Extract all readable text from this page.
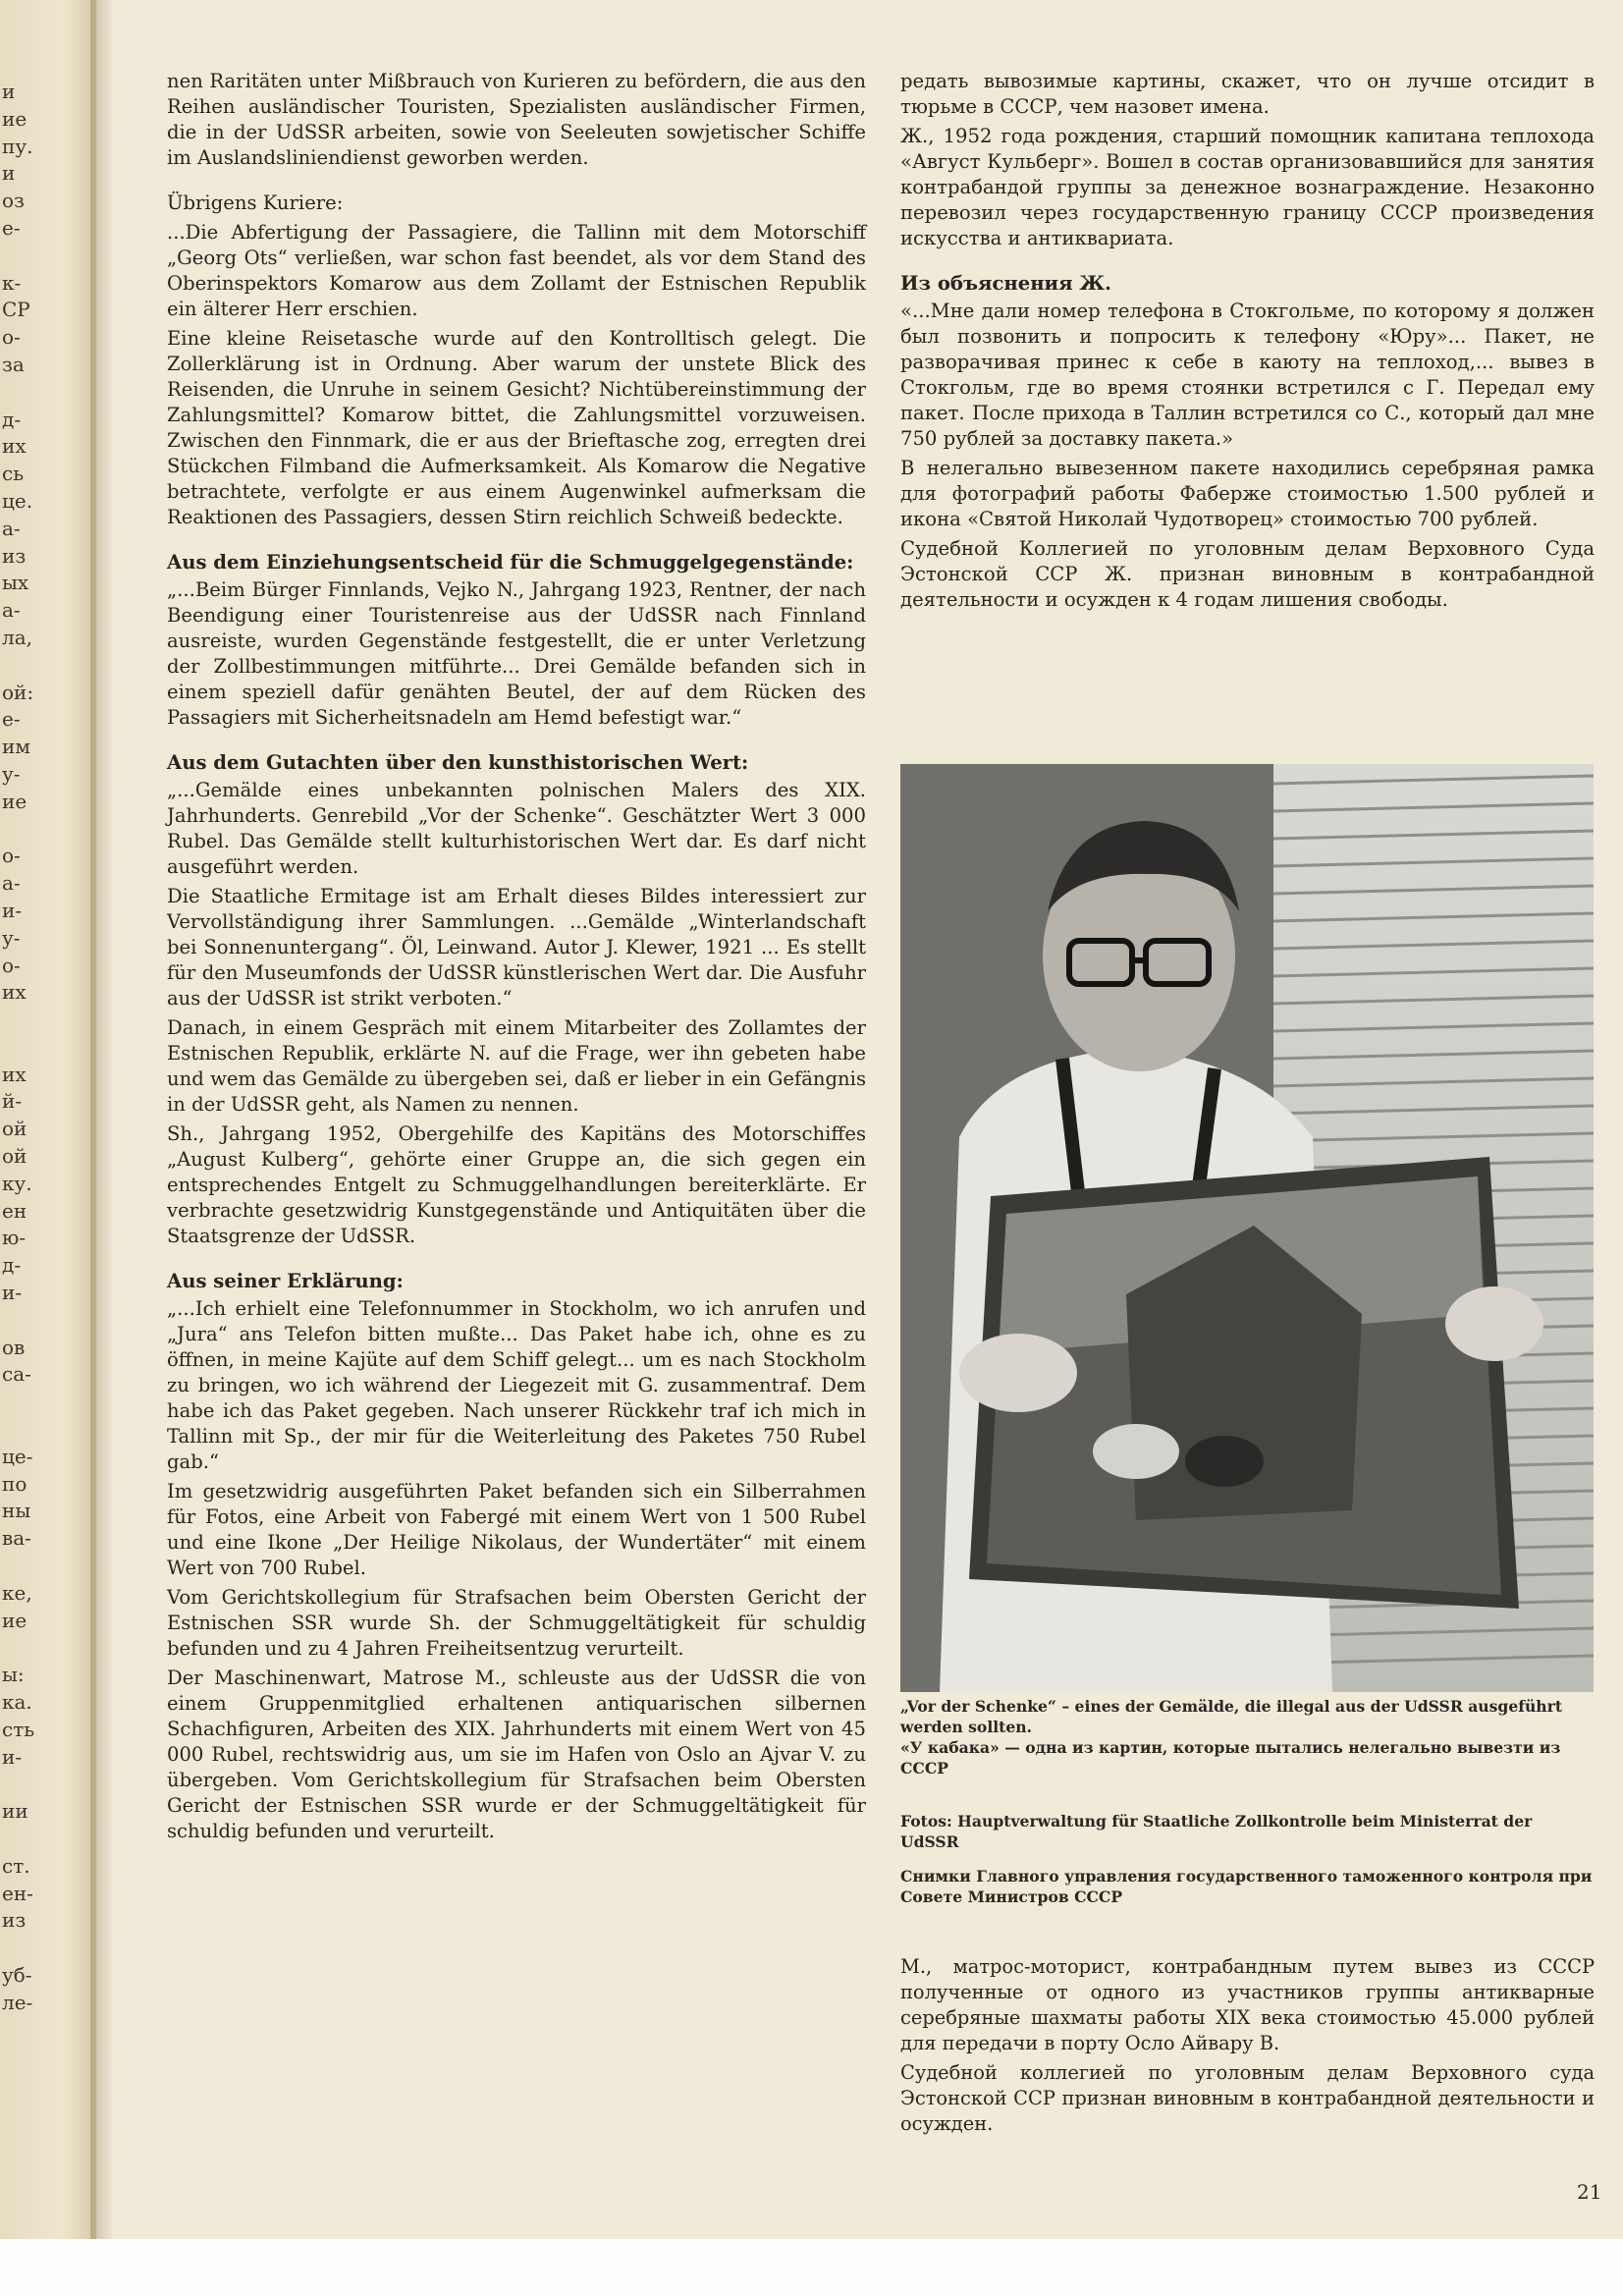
и
ие
пу.
и
оз
е-
к-
СР
о-
за
д-
их
сь
це.
а-
из
ых
а-
ла,
ой:
е-
им
у-
ие
о-
а-
и-
у-
о-
их
их
й-
ой
ой
ку.
ен
ю-
д-
и-
ов
са-
це-
по
ны
ва-
ке,
ие
ы:
ка.
сть
и-
ии
ст.
ен-
из
уб-
ле-

nen Raritäten unter Mißbrauch von Kurieren zu befördern, die aus den Reihen ausländischer Touristen, Spezialisten ausländischer Firmen, die in der UdSSR arbeiten, sowie von Seeleuten sowjetischer Schiffe im Auslandsliniendienst geworben werden.

Übrigens Kuriere:

...Die Abfertigung der Passagiere, die Tallinn mit dem Motorschiff „Georg Ots“ verließen, war schon fast beendet, als vor dem Stand des Oberinspektors Komarow aus dem Zollamt der Estnischen Republik ein älterer Herr erschien.

Eine kleine Reisetasche wurde auf den Kontrolltisch gelegt. Die Zollerklärung ist in Ordnung. Aber warum der unstete Blick des Reisenden, die Unruhe in seinem Gesicht? Nichtübereinstimmung der Zahlungsmittel? Komarow bittet, die Zahlungsmittel vorzuweisen. Zwischen den Finnmark, die er aus der Brieftasche zog, erregten drei Stückchen Filmband die Aufmerksamkeit. Als Komarow die Negative betrachtete, verfolgte er aus einem Augenwinkel aufmerksam die Reaktionen des Passagiers, dessen Stirn reichlich Schweiß bedeckte.

Aus dem Einziehungsentscheid für die Schmuggelgegenstände:

„...Beim Bürger Finnlands, Vejko N., Jahrgang 1923, Rentner, der nach Beendigung einer Touristenreise aus der UdSSR nach Finnland ausreiste, wurden Gegenstände festgestellt, die er unter Verletzung der Zollbestimmungen mitführte... Drei Gemälde befanden sich in einem speziell dafür genähten Beutel, der auf dem Rücken des Passagiers mit Sicherheitsnadeln am Hemd befestigt war.“

Aus dem Gutachten über den kunsthistorischen Wert:

„...Gemälde eines unbekannten polnischen Malers des XIX. Jahrhunderts. Genrebild „Vor der Schenke“. Geschätzter Wert 3 000 Rubel. Das Gemälde stellt kulturhistorischen Wert dar. Es darf nicht ausgeführt werden.

Die Staatliche Ermitage ist am Erhalt dieses Bildes interessiert zur Vervollständigung ihrer Sammlungen. ...Gemälde „Winterlandschaft bei Sonnenuntergang“. Öl, Leinwand. Autor J. Klewer, 1921 ... Es stellt für den Museumfonds der UdSSR künstlerischen Wert dar. Die Ausfuhr aus der UdSSR ist strikt verboten.“

Danach, in einem Gespräch mit einem Mitarbeiter des Zollamtes der Estnischen Republik, erklärte N. auf die Frage, wer ihn gebeten habe und wem das Gemälde zu übergeben sei, daß er lieber in ein Gefängnis in der UdSSR geht, als Namen zu nennen.

Sh., Jahrgang 1952, Obergehilfe des Kapitäns des Motorschiffes „August Kulberg“, gehörte einer Gruppe an, die sich gegen ein entsprechendes Entgelt zu Schmuggelhandlungen bereiterklärte. Er verbrachte gesetzwidrig Kunstgegenstände und Antiquitäten über die Staatsgrenze der UdSSR.

Aus seiner Erklärung:

„...Ich erhielt eine Telefonnummer in Stockholm, wo ich anrufen und „Jura“ ans Telefon bitten mußte... Das Paket habe ich, ohne es zu öffnen, in meine Kajüte auf dem Schiff gelegt... um es nach Stockholm zu bringen, wo ich während der Liegezeit mit G. zusammentraf. Dem habe ich das Paket gegeben. Nach unserer Rückkehr traf ich mich in Tallinn mit Sp., der mir für die Weiterleitung des Paketes 750 Rubel gab.“

Im gesetzwidrig ausgeführten Paket befanden sich ein Silberrahmen für Fotos, eine Arbeit von Fabergé mit einem Wert von 1 500 Rubel und eine Ikone „Der Heilige Nikolaus, der Wundertäter“ mit einem Wert von 700 Rubel.

Vom Gerichtskollegium für Strafsachen beim Obersten Gericht der Estnischen SSR wurde Sh. der Schmuggeltätigkeit für schuldig befunden und zu 4 Jahren Freiheitsentzug verurteilt.

Der Maschinenwart, Matrose M., schleuste aus der UdSSR die von einem Gruppenmitglied erhaltenen antiquarischen silbernen Schachfiguren, Arbeiten des XIX. Jahrhunderts mit einem Wert von 45 000 Rubel, rechtswidrig aus, um sie im Hafen von Oslo an Ajvar V. zu übergeben. Vom Gerichtskollegium für Strafsachen beim Obersten Gericht der Estnischen SSR wurde er der Schmuggeltätigkeit für schuldig befunden und verurteilt.

редать вывозимые картины, скажет, что он лучше отсидит в тюрьме в СССР, чем назовет имена.

Ж., 1952 года рождения, старший помощник капитана теплохода «Август Кульберг». Вошел в состав организовавшийся для занятия контрабандой группы за денежное вознаграждение. Незаконно перевозил через государственную границу СССР произведения искусства и антиквариата.

Из объяснения Ж.

«...Мне дали номер телефона в Стокгольме, по которому я должен был позвонить и попросить к телефону «Юру»... Пакет, не разворачивая принес к себе в каюту на теплоход,... вывез в Стокгольм, где во время стоянки встретился с Г. Передал ему пакет. После прихода в Таллин встретился со С., который дал мне 750 рублей за доставку пакета.»

В нелегально вывезенном пакете находились серебряная рамка для фотографий работы Фаберже стоимостью 1.500 рублей и икона «Святой Николай Чудотворец» стоимостью 700 рублей.

Судебной Коллегией по уголовным делам Верховного Суда Эстонской ССР Ж. признан виновным в контрабандной деятельности и осужден к 4 годам лишения свободы.

„Vor der Schenke“ – eines der Gemälde, die illegal aus der UdSSR ausgeführt werden sollten.
«У кабака» — одна из картин, которые пытались нелегально вывезти из СССР
Fotos: Hauptverwaltung für Staatliche Zollkontrolle beim Ministerrat der UdSSR
Снимки Главного управления государственного таможенного контроля при Совете Министров СССР

М., матрос-моторист, контрабандным путем вывез из СССР полученные от одного из участников группы антикварные серебряные шахматы работы XIX века стоимостью 45.000 рублей для передачи в порту Осло Айвару В.

Судебной коллегией по уголовным делам Верховного суда Эстонской ССР признан виновным в контрабандной деятельности и осужден.

21
